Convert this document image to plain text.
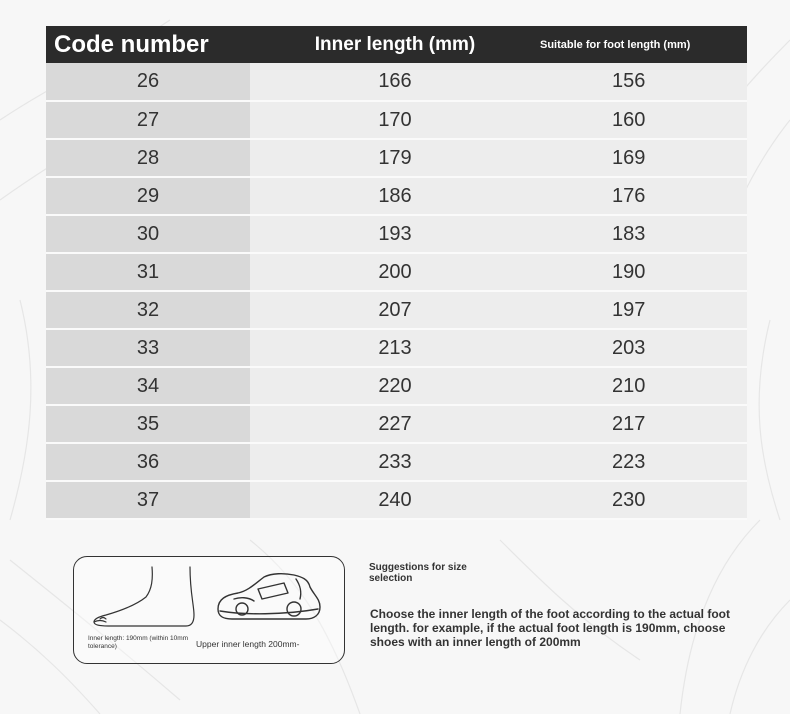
Code number	Inner length (mm)	Suitable for foot length (mm)
26	166	156
27	170	160
28	179	169
29	186	176
30	193	183
31	200	190
32	207	197
33	213	203
34	220	210
35	227	217
36	233	223
37	240	230
Inner length: 190mm (within 10mm tolerance)	Upper inner length 200mm-
Suggestions for size selection
Choose the inner length of the foot according to the actual foot length. for example, if the actual foot length is 190mm, choose shoes with an inner length of 200mm
